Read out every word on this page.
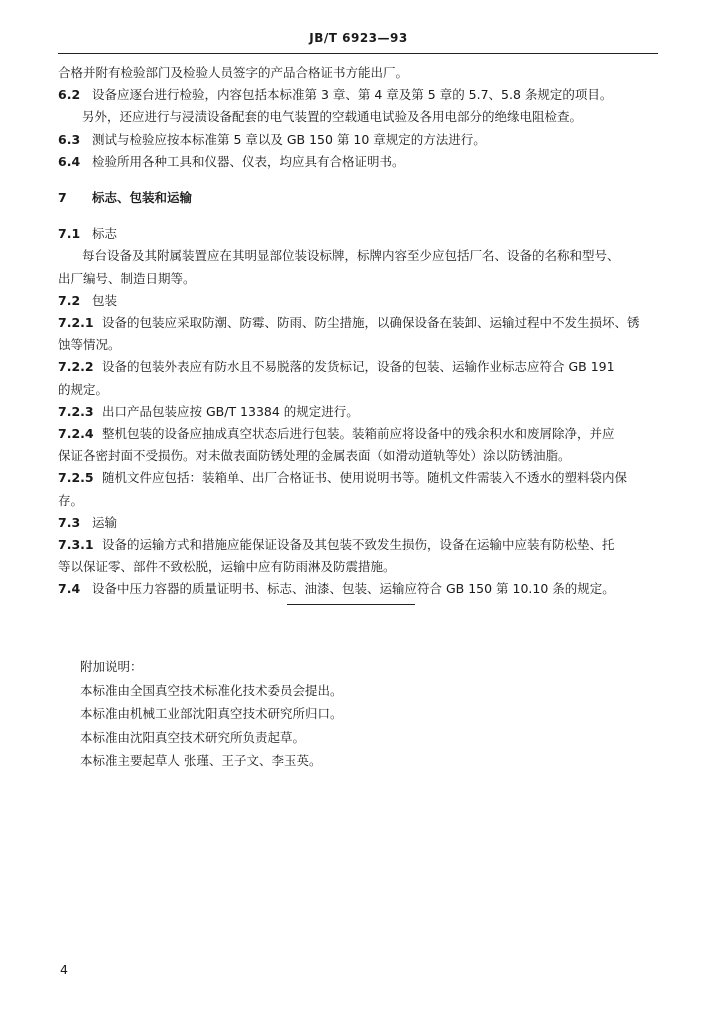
JB/T 6923—93

合格并附有检验部门及检验人员签字的产品合格证书方能出厂。

6.2 设备应逐台进行检验，内容包括本标准第 3 章、第 4 章及第 5 章的 5.7、5.8 条规定的项目。

另外，还应进行与浸渍设备配套的电气装置的空载通电试验及各用电部分的绝缘电阻检查。

6.3 测试与检验应按本标准第 5 章以及 GB 150 第 10 章规定的方法进行。

6.4 检验所用各种工具和仪器、仪表，均应具有合格证明书。

7 标志、包装和运输

7.1 标志

每台设备及其附属装置应在其明显部位装设标牌，标牌内容至少应包括厂名、设备的名称和型号、

出厂编号、制造日期等。

7.2 包装

7.2.1 设备的包装应采取防潮、防霉、防雨、防尘措施，以确保设备在装卸、运输过程中不发生损坏、锈

蚀等情况。

7.2.2 设备的包装外表应有防水且不易脱落的发货标记，设备的包装、运输作业标志应符合 GB 191

的规定。

7.2.3 出口产品包装应按 GB/T 13384 的规定进行。

7.2.4 整机包装的设备应抽成真空状态后进行包装。装箱前应将设备中的残余积水和废屑除净，并应

保证各密封面不受损伤。对未做表面防锈处理的金属表面（如滑动道轨等处）涂以防锈油脂。

7.2.5 随机文件应包括：装箱单、出厂合格证书、使用说明书等。随机文件需装入不透水的塑料袋内保

存。

7.3 运输

7.3.1 设备的运输方式和措施应能保证设备及其包装不致发生损伤，设备在运输中应装有防松垫、托

等以保证零、部件不致松脱，运输中应有防雨淋及防震措施。

7.4 设备中压力容器的质量证明书、标志、油漆、包装、运输应符合 GB 150 第 10.10 条的规定。

附加说明：
本标准由全国真空技术标准化技术委员会提出。
本标准由机械工业部沈阳真空技术研究所归口。
本标准由沈阳真空技术研究所负责起草。
本标准主要起草人 张瑾、王子文、李玉英。
4
